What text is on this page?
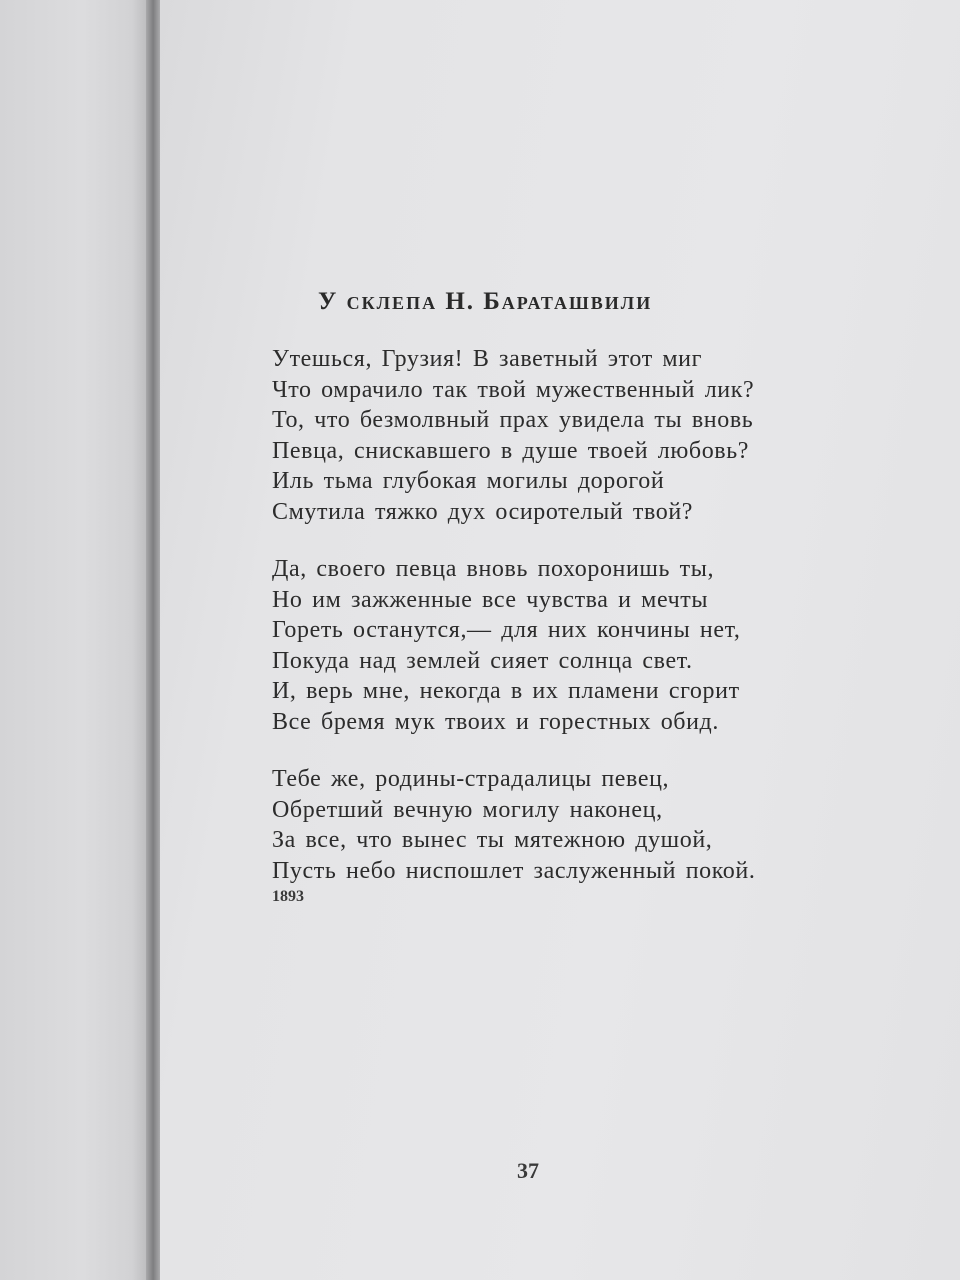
У склепа Н. Бараташвили
Утешься, Грузия! В заветный этот миг
Что омрачило так твой мужественный лик?
То, что безмолвный прах увидела ты вновь
Певца, снискавшего в душе твоей любовь?
Иль тьма глубокая могилы дорогой
Смутила тяжко дух осиротелый твой?
Да, своего певца вновь похоронишь ты,
Но им зажженные все чувства и мечты
Гореть останутся,— для них кончины нет,
Покуда над землей сияет солнца свет.
И, верь мне, некогда в их пламени сгорит
Все бремя мук твоих и горестных обид.
Тебе же, родины-страдалицы певец,
Обретший вечную могилу наконец,
За все, что вынес ты мятежною душой,
Пусть небо ниспошлет заслуженный покой.
1893
37
